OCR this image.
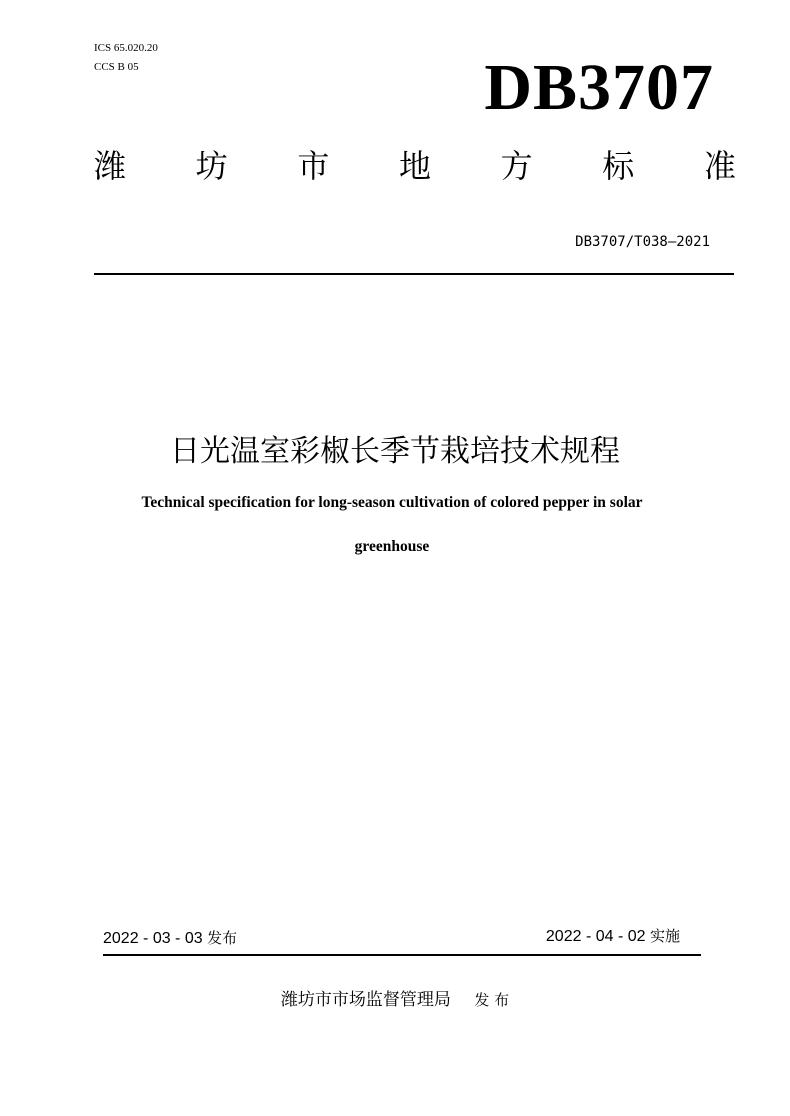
ICS 65.020.20
CCS B 05	DB3707
潍 坊 市 地 方 标 准
DB3707/T038—2021
日光温室彩椒长季节栽培技术规程
Technical specification for long-season cultivation of colored pepper in solar
greenhouse
2022 - 03 - 03 发布	2022 - 04 - 02 实施
潍坊市市场监督管理局 发 布
